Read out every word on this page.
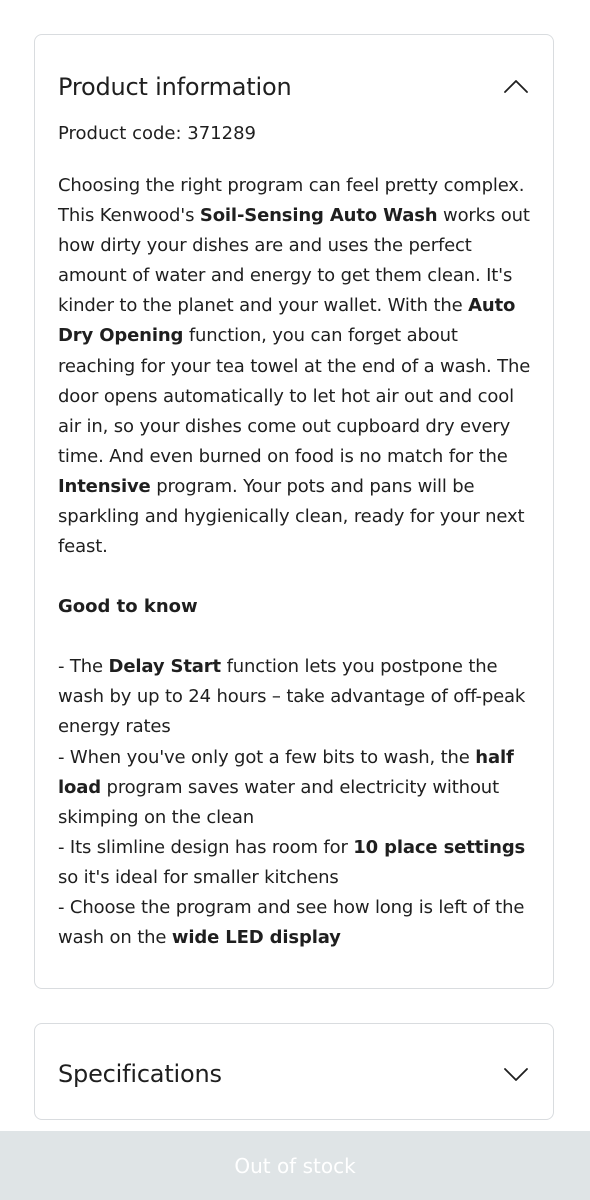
Product information

Product code: 371289

Choosing the right program can feel pretty complex. This Kenwood's Soil-Sensing Auto Wash works out how dirty your dishes are and uses the perfect amount of water and energy to get them clean. It's kinder to the planet and your wallet. With the Auto Dry Opening function, you can forget about reaching for your tea towel at the end of a wash. The door opens automatically to let hot air out and cool air in, so your dishes come out cupboard dry every time. And even burned on food is no match for the Intensive program. Your pots and pans will be sparkling and hygienically clean, ready for your next feast.

Good to know

- The Delay Start function lets you postpone the wash by up to 24 hours – take advantage of off-peak energy rates

- When you've only got a few bits to wash, the half load program saves water and electricity without skimping on the clean

- Its slimline design has room for 10 place settings so it's ideal for smaller kitchens

- Choose the program and see how long is left of the wash on the wide LED display

Specifications
Out of stock
